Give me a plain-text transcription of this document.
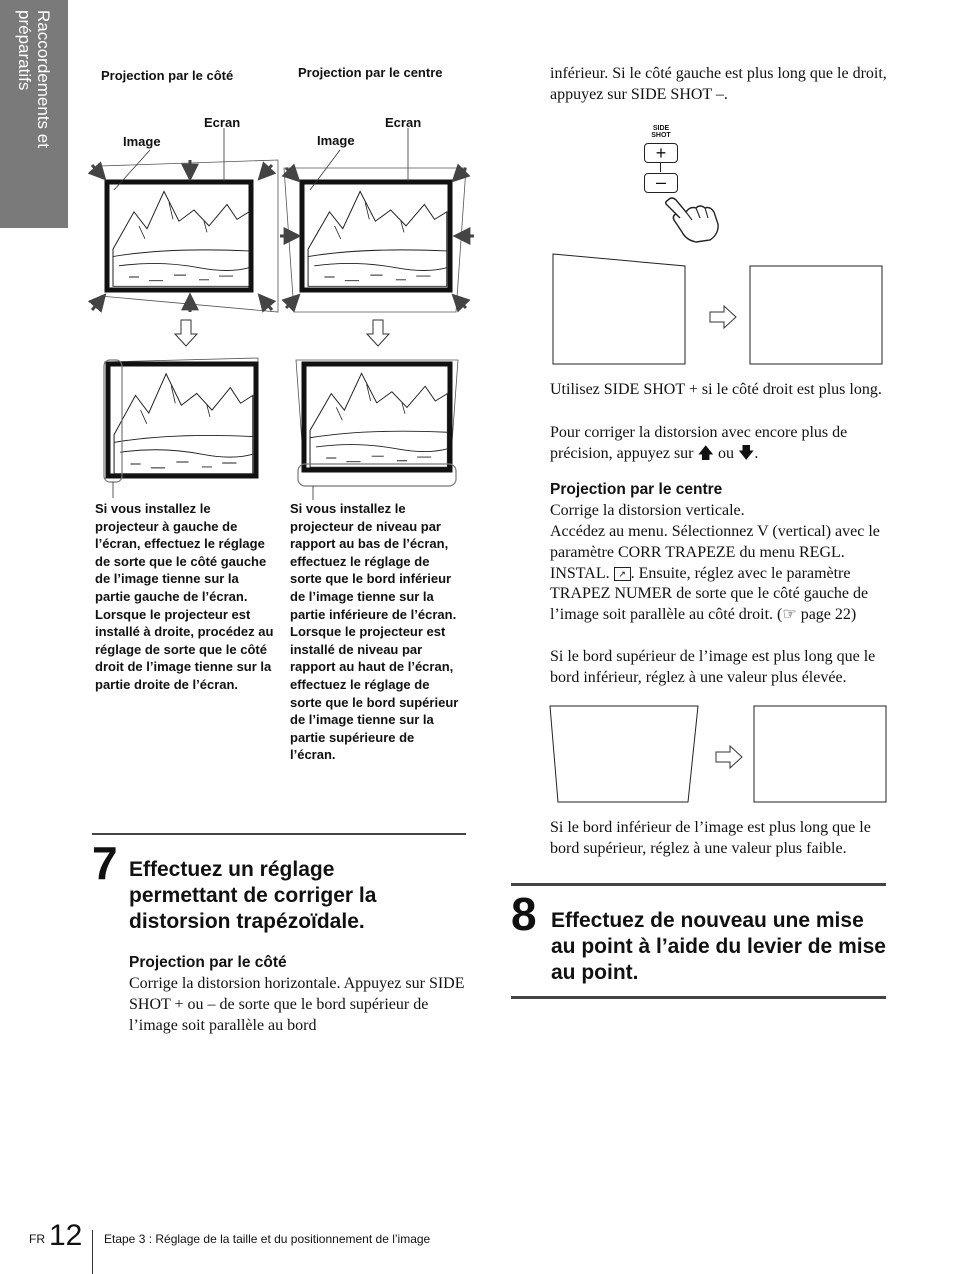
Raccordements et
préparatifs	Projection par le côté	Projection par le centre
Ecran
Image
Ecran
Image
Si vous installez le projecteur à gauche de l’écran, effectuez le réglage de sorte que le côté gauche de l’image tienne sur la partie gauche de l’écran. Lorsque le projecteur est installé à droite, procédez au réglage de sorte que le côté droit de l’image tienne sur la partie droite de l’écran.
Si vous installez le projecteur de niveau par rapport au bas de l’écran, effectuez le réglage de sorte que le bord inférieur de l’image tienne sur la partie inférieure de l’écran. Lorsque le projecteur est installé de niveau par rapport au haut de l’écran, effectuez le réglage de sorte que le bord supérieur de l’image tienne sur la partie supérieure de l’écran.
7 Effectuez un réglage permettant de corriger la distorsion trapézoïdale.
Projection par le côté
Corrige la distorsion horizontale. Appuyez sur SIDE SHOT + ou – de sorte que le bord supérieur de l’image soit parallèle au bord
inférieur. Si le côté gauche est plus long que le droit, appuyez sur SIDE SHOT –.
SIDE SHOT
+
–
Utilisez SIDE SHOT + si le côté droit est plus long.
Pour corriger la distorsion avec encore plus de précision, appuyez sur 🡅 ou 🡇.
Projection par le centre
Corrige la distorsion verticale.
Accédez au menu. Sélectionnez V (vertical) avec le paramètre CORR TRAPEZE du menu REGL. INSTAL. ↗ . Ensuite, réglez avec le paramètre TRAPEZ NUMER de sorte que le côté gauche de l’image soit parallèle au côté droit. (☞ page 22)
Si le bord supérieur de l’image est plus long que le bord inférieur, réglez à une valeur plus élevée.
Si le bord inférieur de l’image est plus long que le bord supérieur, réglez à une valeur plus faible.
8 Effectuez de nouveau une mise au point à l’aide du levier de mise au point.
FR 12 Etape 3 : Réglage de la taille et du positionnement de l’image
